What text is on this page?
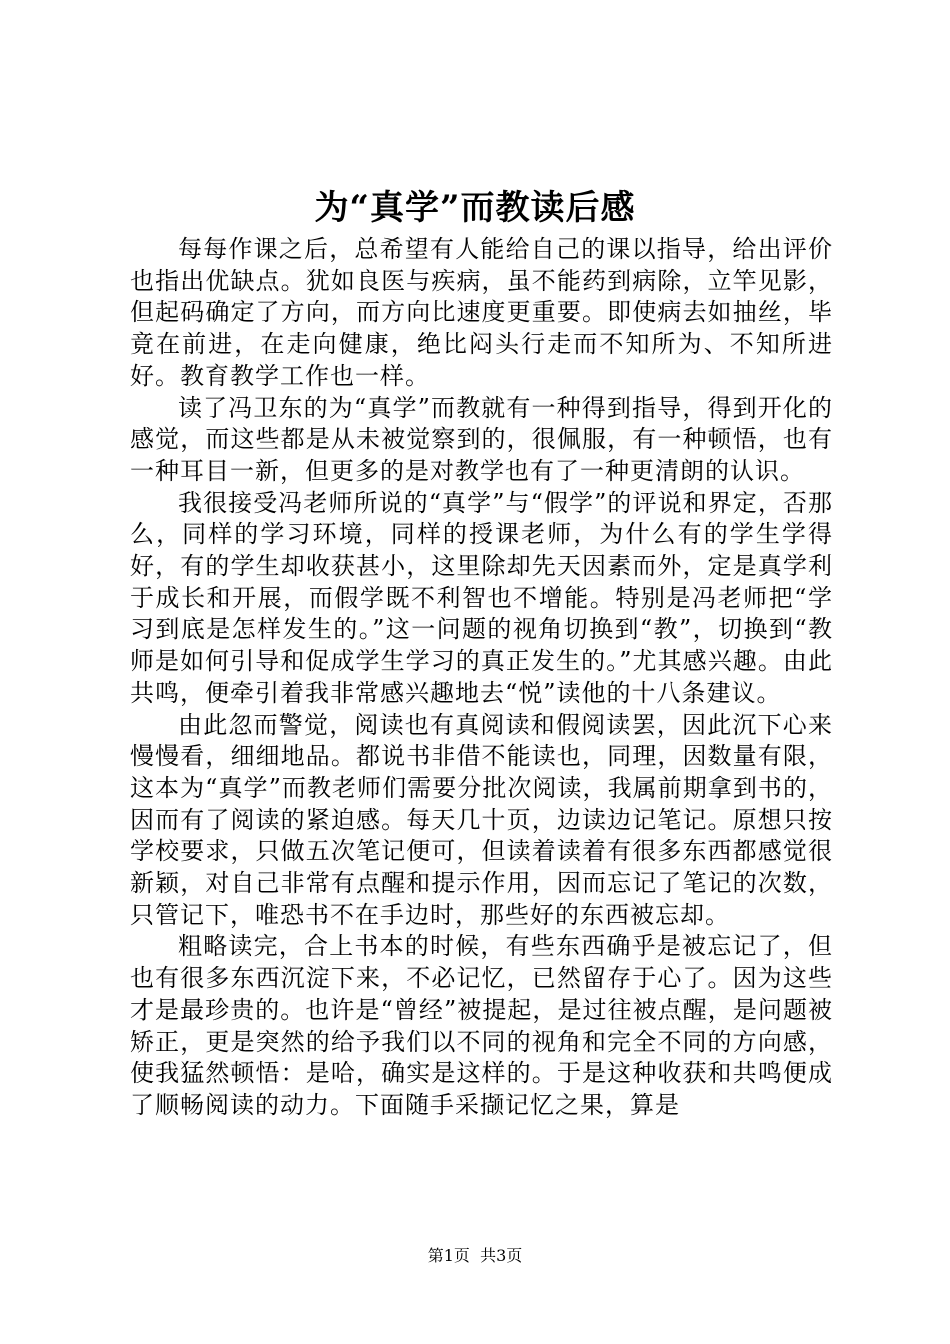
为“真学”而教读后感

每每作课之后，总希望有人能给自己的课以指导，给出评价也指出优缺点。犹如良医与疾病，虽不能药到病除，立竿见影，但起码确定了方向，而方向比速度更重要。即使病去如抽丝，毕竟在前进，在走向健康，绝比闷头行走而不知所为、不知所进好。教育教学工作也一样。

读了冯卫东的为“真学”而教就有一种得到指导，得到开化的感觉，而这些都是从未被觉察到的，很佩服，有一种顿悟，也有一种耳目一新，但更多的是对教学也有了一种更清朗的认识。

我很接受冯老师所说的“真学”与“假学”的评说和界定，否那么，同样的学习环境，同样的授课老师，为什么有的学生学得好，有的学生却收获甚小，这里除却先天因素而外，定是真学利于成长和开展，而假学既不利智也不增能。特别是冯老师把“学习到底是怎样发生的。”这一问题的视角切换到“教”，切换到“教师是如何引导和促成学生学习的真正发生的。”尤其感兴趣。由此共鸣，便牵引着我非常感兴趣地去“悦”读他的十八条建议。

由此忽而警觉，阅读也有真阅读和假阅读罢，因此沉下心来慢慢看，细细地品。都说书非借不能读也，同理，因数量有限，这本为“真学”而教老师们需要分批次阅读，我属前期拿到书的，因而有了阅读的紧迫感。每天几十页，边读边记笔记。原想只按学校要求，只做五次笔记便可，但读着读着有很多东西都感觉很新颖，对自己非常有点醒和提示作用，因而忘记了笔记的次数，只管记下，唯恐书不在手边时，那些好的东西被忘却。

粗略读完，合上书本的时候，有些东西确乎是被忘记了，但也有很多东西沉淀下来，不必记忆，已然留存于心了。因为这些才是最珍贵的。也许是“曾经”被提起，是过往被点醒，是问题被矫正，更是突然的给予我们以不同的视角和完全不同的方向感，使我猛然顿悟：是哈，确实是这样的。于是这种收获和共鸣便成了顺畅阅读的动力。下面随手采撷记忆之果，算是

第1页 共3页
